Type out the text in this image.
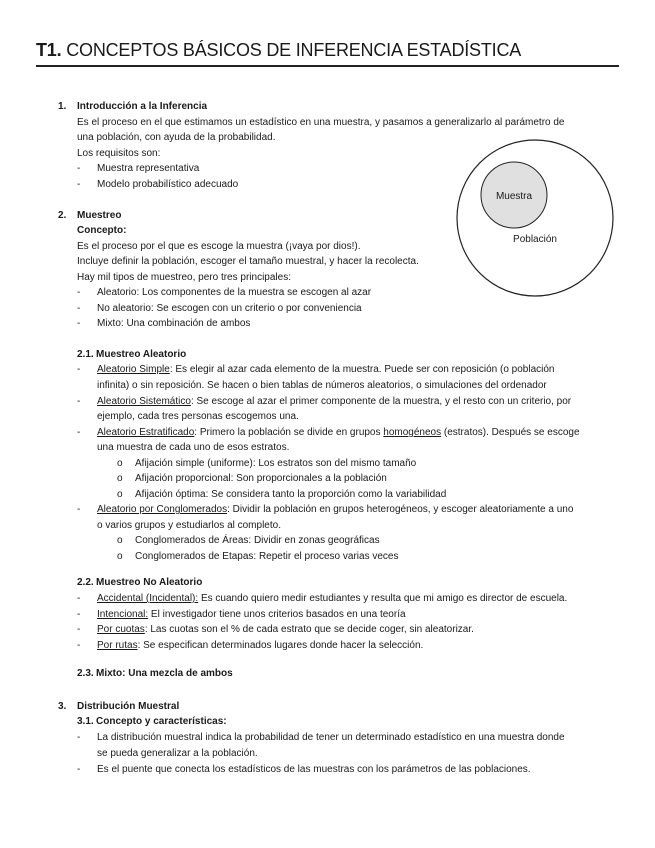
T1. CONCEPTOS BÁSICOS DE INFERENCIA ESTADÍSTICA
Muestra
Población
1. Introducción a la Inferencia
Es el proceso en el que estimamos un estadístico en una muestra, y pasamos a generalizarlo al parámetro de
una población, con ayuda de la probabilidad.
Los requisitos son:
- Muestra representativa
- Modelo probabilístico adecuado
2. Muestreo
Concepto:
Es el proceso por el que es escoge la muestra (¡vaya por dios!).
Incluye definir la población, escoger el tamaño muestral, y hacer la recolecta.
Hay mil tipos de muestreo, pero tres principales:
- Aleatorio: Los componentes de la muestra se escogen al azar
- No aleatorio: Se escogen con un criterio o por conveniencia
- Mixto: Una combinación de ambos
2.1. Muestreo Aleatorio
- Aleatorio Simple: Es elegir al azar cada elemento de la muestra. Puede ser con reposición (o población
infinita) o sin reposición. Se hacen o bien tablas de números aleatorios, o simulaciones del ordenador
- Aleatorio Sistemático: Se escoge al azar el primer componente de la muestra, y el resto con un criterio, por
ejemplo, cada tres personas escogemos una.
- Aleatorio Estratificado: Primero la población se divide en grupos homogéneos (estratos). Después se escoge
una muestra de cada uno de esos estratos.
o Afijación simple (uniforme): Los estratos son del mismo tamaño
o Afijación proporcional: Son proporcionales a la población
o Afijación óptima: Se considera tanto la proporción como la variabilidad
- Aleatorio por Conglomerados: Dividir la población en grupos heterogéneos, y escoger aleatoriamente a uno
o varios grupos y estudiarlos al completo.
o Conglomerados de Áreas: Dividir en zonas geográficas
o Conglomerados de Etapas: Repetir el proceso varias veces
2.2. Muestreo No Aleatorio
- Accidental (Incidental): Es cuando quiero medir estudiantes y resulta que mi amigo es director de escuela.
- Intencional: El investigador tiene unos criterios basados en una teoría
- Por cuotas: Las cuotas son el % de cada estrato que se decide coger, sin aleatorizar.
- Por rutas: Se especifican determinados lugares donde hacer la selección.
2.3. Mixto: Una mezcla de ambos
3. Distribución Muestral
3.1. Concepto y características:
- La distribución muestral indica la probabilidad de tener un determinado estadístico en una muestra donde
se pueda generalizar a la población.
- Es el puente que conecta los estadísticos de las muestras con los parámetros de las poblaciones.
